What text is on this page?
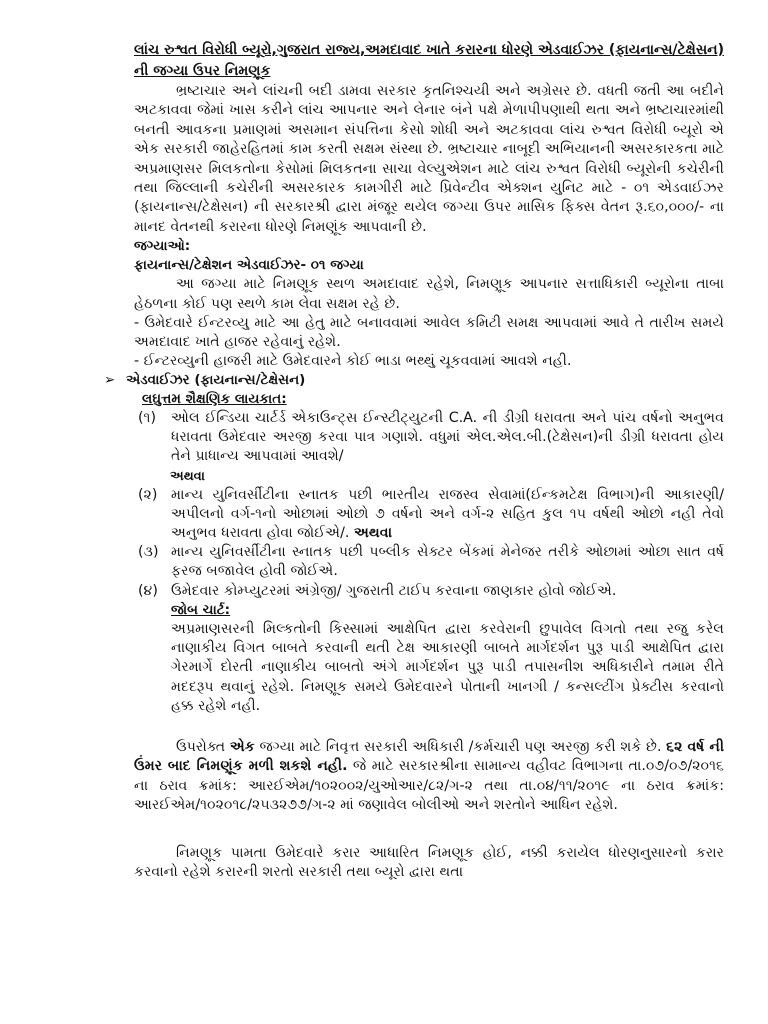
લાંચ રુશ્વત વિરોધી બ્યૂરો,ગુજરાત રાજ્ય,અમદાવાદ ખાતે કરારના ધોરણે એડવાઈઝર (ફાયનાન્સ/ટેક્ષેસન) ની જગ્યા ઉપર નિમણૂક

ભ્રષ્ટાચાર અને લાંચની બદી ડામવા સરકાર કૃતનિશ્ચયી અને અગ્રેસર છે. વધતી જતી આ બદીને અટકાવવા જેમાં ખાસ કરીને લાંચ આપનાર અને લેનાર બંને પક્ષે મેળાપીપણાથી થતા અને ભ્રષ્ટાચારમાંથી બનતી આવકના પ્રમાણમાં અસમાન સંપત્તિના કેસો શોધી અને અટકાવવા લાંચ રુશ્વત વિરોધી બ્યૂરો એ એક સરકારી જાહેરહિતમાં કામ કરતી સક્ષમ સંસ્થા છે. ભ્રષ્ટાચાર નાબૂદી અભિયાનની અસરકારકતા માટે અપ્રમાણસર મિલકતોના કેસોમાં મિલકતના સાચા વેલ્યુએશન માટે લાંચ રુશ્વત વિરોધી બ્યૂરોની કચેરીની તથા જિલ્લાની કચેરીની અસરકારક કામગીરી માટે પ્રિવેન્ટીવ એક્શન યુનિટ માટે - ૦૧ એડવાઈઝર (ફાયનાન્સ/ટેક્ષેસન) ની સરકારશ્રી દ્વારા મંજૂર થયેલ જગ્યા ઉપર માસિક ફિક્સ વેતન રૂ.૬૦,૦૦૦/- ના માનદ વેતનથી કરારના ધોરણે નિમણૂંક આપવાની છે.

જગ્યાઓ:

ફાયનાન્સ/ટેક્ષેશન એડવાઈઝર- ૦૧ જગ્યા

આ જગ્યા માટે નિમણૂક સ્થળ અમદાવાદ રહેશે, નિમણૂક આપનાર સત્તાધિકારી બ્યૂરોના તાબા હેઠળના કોઈ પણ સ્થળે કામ લેવા સક્ષમ રહે છે.

- ઉમેદવારે ઈન્ટરવ્યુ માટે આ હેતુ માટે બનાવવામાં આવેલ કમિટી સમક્ષ આપવામાં આવે તે તારીખ સમયે અમદાવાદ ખાતે હાજર રહેવાનું રહેશે.

- ઈન્ટરવ્યુની હાજરી માટે ઉમેદવારને કોઈ ભાડા ભથ્થું ચૂકવવામાં આવશે નહી.

➢ એડવાઈઝર (ફાયનાન્સ/ટેક્ષેસન)

લઘુત્તમ શૈક્ષણિક લાયકાત:

(૧) ઓલ ઈન્ડિયા ચાર્ટર્ડ એકાઉન્ટ્સ ઈન્સ્ટીટ્યુટની C.A. ની ડીગ્રી ધરાવતા અને પાંચ વર્ષનો અનુભવ ધરાવતા ઉમેદવાર અરજી કરવા પાત્ર ગણાશે. વધુમાં એલ.એલ.બી.(ટેક્ષેસન)ની ડીગ્રી ધરાવતા હોય તેને પ્રાધાન્ય આપવામાં આવશે/

અથવા

(૨) માન્ય યુનિવર્સીટીના સ્નાતક પછી ભારતીય રાજસ્વ સેવામાં(ઈન્કમટેક્ષ વિભાગ)ની આકારણી/અપીલનો વર્ગ-૧નો ઓછામાં ઓછો ૭ વર્ષનો અને વર્ગ-૨ સહિત કુલ ૧૫ વર્ષથી ઓછો નહી તેવો અનુભવ ધરાવતા હોવા જોઈએ/. અથવા
(૩) માન્ય યુનિવર્સીટીના સ્નાતક પછી પબ્લીક સેક્ટર બેંકમાં મેનેજર તરીકે ઓછામાં ઓછા સાત વર્ષ ફરજ બજાવેલ હોવી જોઈએ.
(૪) ઉમેદવાર કોમ્પ્યુટરમાં અંગ્રેજી/ ગુજરાતી ટાઈપ કરવાના જાણકાર હોવો જોઈએ.

જોબ ચાર્ટ:

અપ્રમાણસરની મિલ્કતોની કિસ્સામાં આક્ષેપિત દ્વારા કરવેરાની છુપાવેલ વિગતો તથા રજુ કરેલ નાણાકીય વિગત બાબતે કરવાની થતી ટેક્ષ આકારણી બાબતે માર્ગદર્શન પુરૂ પાડી આક્ષેપિત દ્વારા ગેરમાર્ગે દોરતી નાણાકીય બાબતો અંગે માર્ગદર્શન પુરૂ પાડી તપાસનીશ અધિકારીને તમામ રીતે મદદરૂપ થવાનું રહેશે. નિમણૂક સમયે ઉમેદવારને પોતાની ખાનગી / કન્સલ્ટીંગ પ્રેક્ટીસ કરવાનો હક્ક રહેશે નહી.

ઉપરોક્ત એક જગ્યા માટે નિવૃત્ત સરકારી અધિકારી /કર્મચારી પણ અરજી કરી શકે છે. ૬૨ વર્ષ ની ઉંમર બાદ નિમણૂંક મળી શકશે નહી. જે માટે સરકારશ્રીના સામાન્ય વહીવટ વિભાગના તા.૦૭/૦૭/૨૦૧૬ ના ઠરાવ ક્રમાંક: આરઈએમ/૧૦૨૦૦૨/યુઓઆર/૮૨/ગ-૨ તથા તા.૦૪/૧૧/૨૦૧૯ ના ઠરાવ ક્રમાંક: આરઈએમ/૧૦૨૦૧૮/૨૫૩૨૭૭/ગ-૨ માં જણાવેલ બોલીઓ અને શરતોને આધિન રહેશે.

નિમણૂક પામતા ઉમેદવારે કરાર આધારિત નિમણૂક હોઈ, નક્કી કરાયેલ ધોરણનુસારનો કરાર કરવાનો રહેશે કરારની શરતો સરકારી તથા બ્યૂરો દ્વારા થતા
